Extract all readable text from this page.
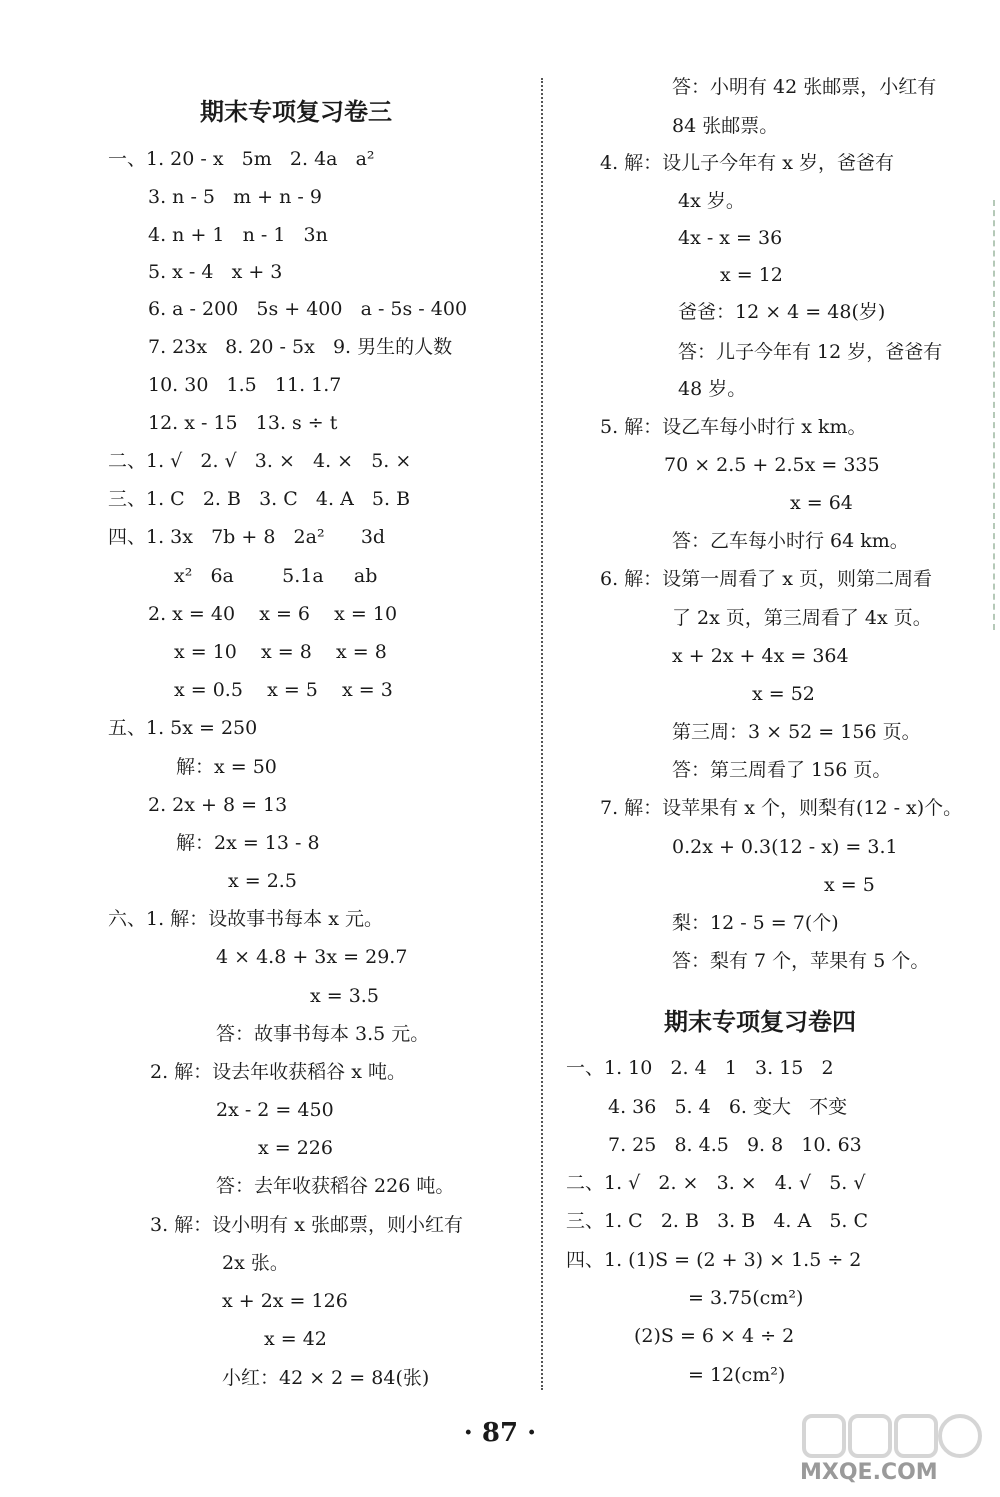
期末专项复习卷三
一、1. 20 - x   5m   2. 4a   a²
3. n - 5   m + n - 9
4. n + 1   n - 1   3n
5. x - 4   x + 3
6. a - 200   5s + 400   a - 5s - 400
7. 23x   8. 20 - 5x   9. 男生的人数
10. 30   1.5   11. 1.7
12. x - 15   13. s ÷ t
二、1. √   2. √   3. ×   4. ×   5. ×
三、1. C   2. B   3. C   4. A   5. B
四、1. 3x   7b + 8   2a²      3d
x²   6a        5.1a     ab
2. x = 40    x = 6    x = 10
x = 10    x = 8    x = 8
x = 0.5    x = 5    x = 3
五、1. 5x = 250
解：x = 50
2. 2x + 8 = 13
解：2x = 13 - 8
x = 2.5
六、1. 解：设故事书每本 x 元。
4 × 4.8 + 3x = 29.7
x = 3.5
答：故事书每本 3.5 元。
2. 解：设去年收获稻谷 x 吨。
2x - 2 = 450
x = 226
答：去年收获稻谷 226 吨。
3. 解：设小明有 x 张邮票，则小红有
2x 张。
x + 2x = 126
x = 42
小红：42 × 2 = 84(张)
答：小明有 42 张邮票，小红有
84 张邮票。
4. 解：设儿子今年有 x 岁，爸爸有
4x 岁。
4x - x = 36
x = 12
爸爸：12 × 4 = 48(岁)
答：儿子今年有 12 岁，爸爸有
48 岁。
5. 解：设乙车每小时行 x km。
70 × 2.5 + 2.5x = 335
x = 64
答：乙车每小时行 64 km。
6. 解：设第一周看了 x 页，则第二周看
了 2x 页，第三周看了 4x 页。
x + 2x + 4x = 364
x = 52
第三周：3 × 52 = 156 页。
答：第三周看了 156 页。
7. 解：设苹果有 x 个，则梨有(12 - x)个。
0.2x + 0.3(12 - x) = 3.1
x = 5
梨：12 - 5 = 7(个)
答：梨有 7 个，苹果有 5 个。
期末专项复习卷四
一、1. 10   2. 4   1   3. 15   2
4. 36   5. 4   6. 变大   不变
7. 25   8. 4.5   9. 8   10. 63
二、1. √   2. ×   3. ×   4. √   5. √
三、1. C   2. B   3. B   4. A   5. C
四、1. (1)S = (2 + 3) × 1.5 ÷ 2
= 3.75(cm²)
(2)S = 6 × 4 ÷ 2
= 12(cm²)
· 87 ·
MXQE.COM
